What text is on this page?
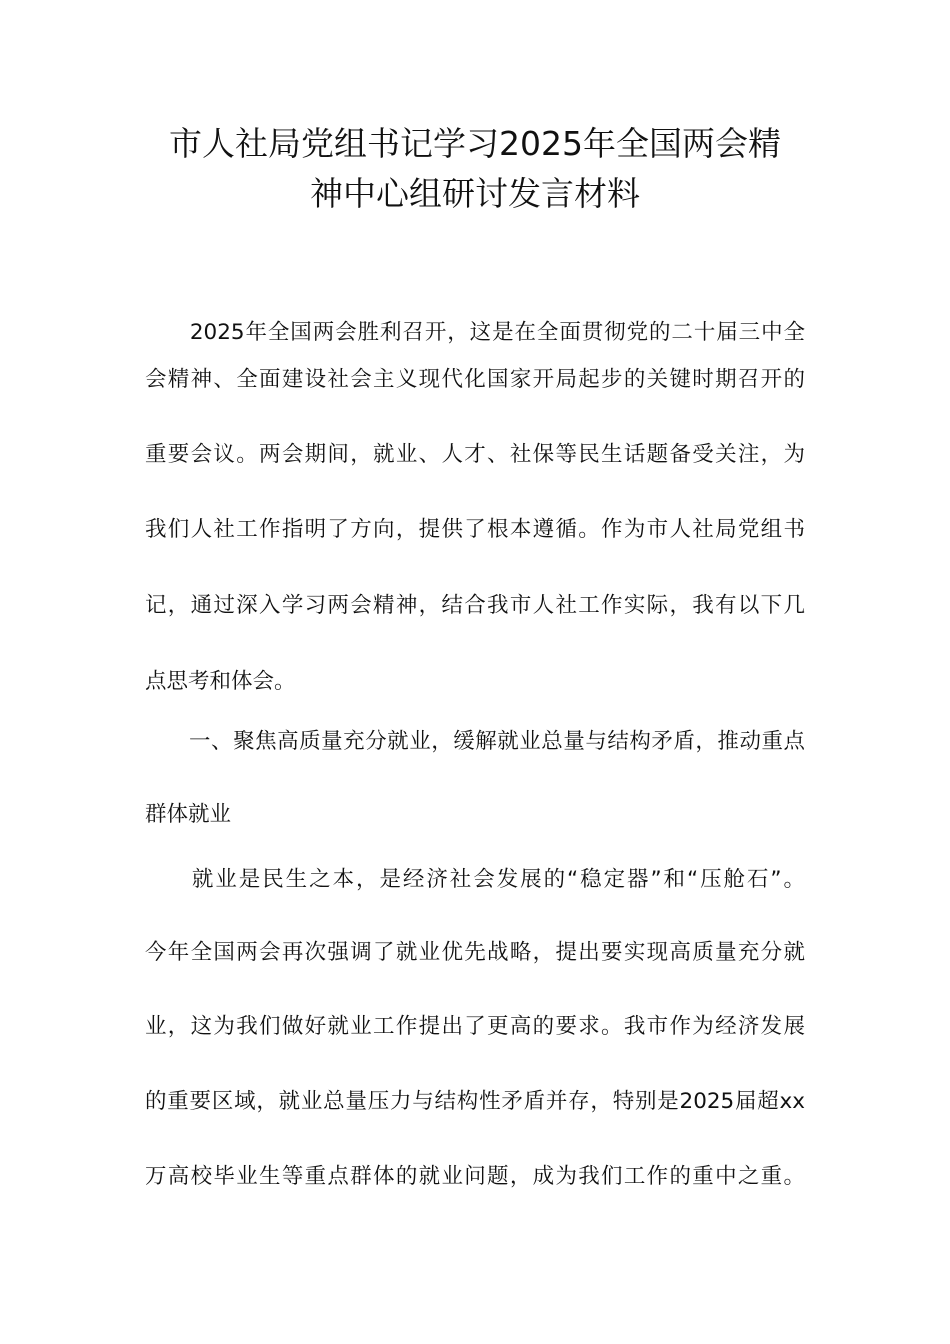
市人社局党组书记学习2025年全国两会精
神中心组研讨发言材料
　　2025年全国两会胜利召开，这是在全面贯彻党的二十届三中全
会精神、全面建设社会主义现代化国家开局起步的关键时期召开的
重要会议。两会期间，就业、人才、社保等民生话题备受关注，为
我们人社工作指明了方向，提供了根本遵循。作为市人社局党组书
记，通过深入学习两会精神，结合我市人社工作实际，我有以下几
点思考和体会。
　　一、聚焦高质量充分就业，缓解就业总量与结构矛盾，推动重点
群体就业
　　就业是民生之本，是经济社会发展的“稳定器”和“压舱石”。
今年全国两会再次强调了就业优先战略，提出要实现高质量充分就
业，这为我们做好就业工作提出了更高的要求。我市作为经济发展
的重要区域，就业总量压力与结构性矛盾并存，特别是2025届超xx
万高校毕业生等重点群体的就业问题，成为我们工作的重中之重。
